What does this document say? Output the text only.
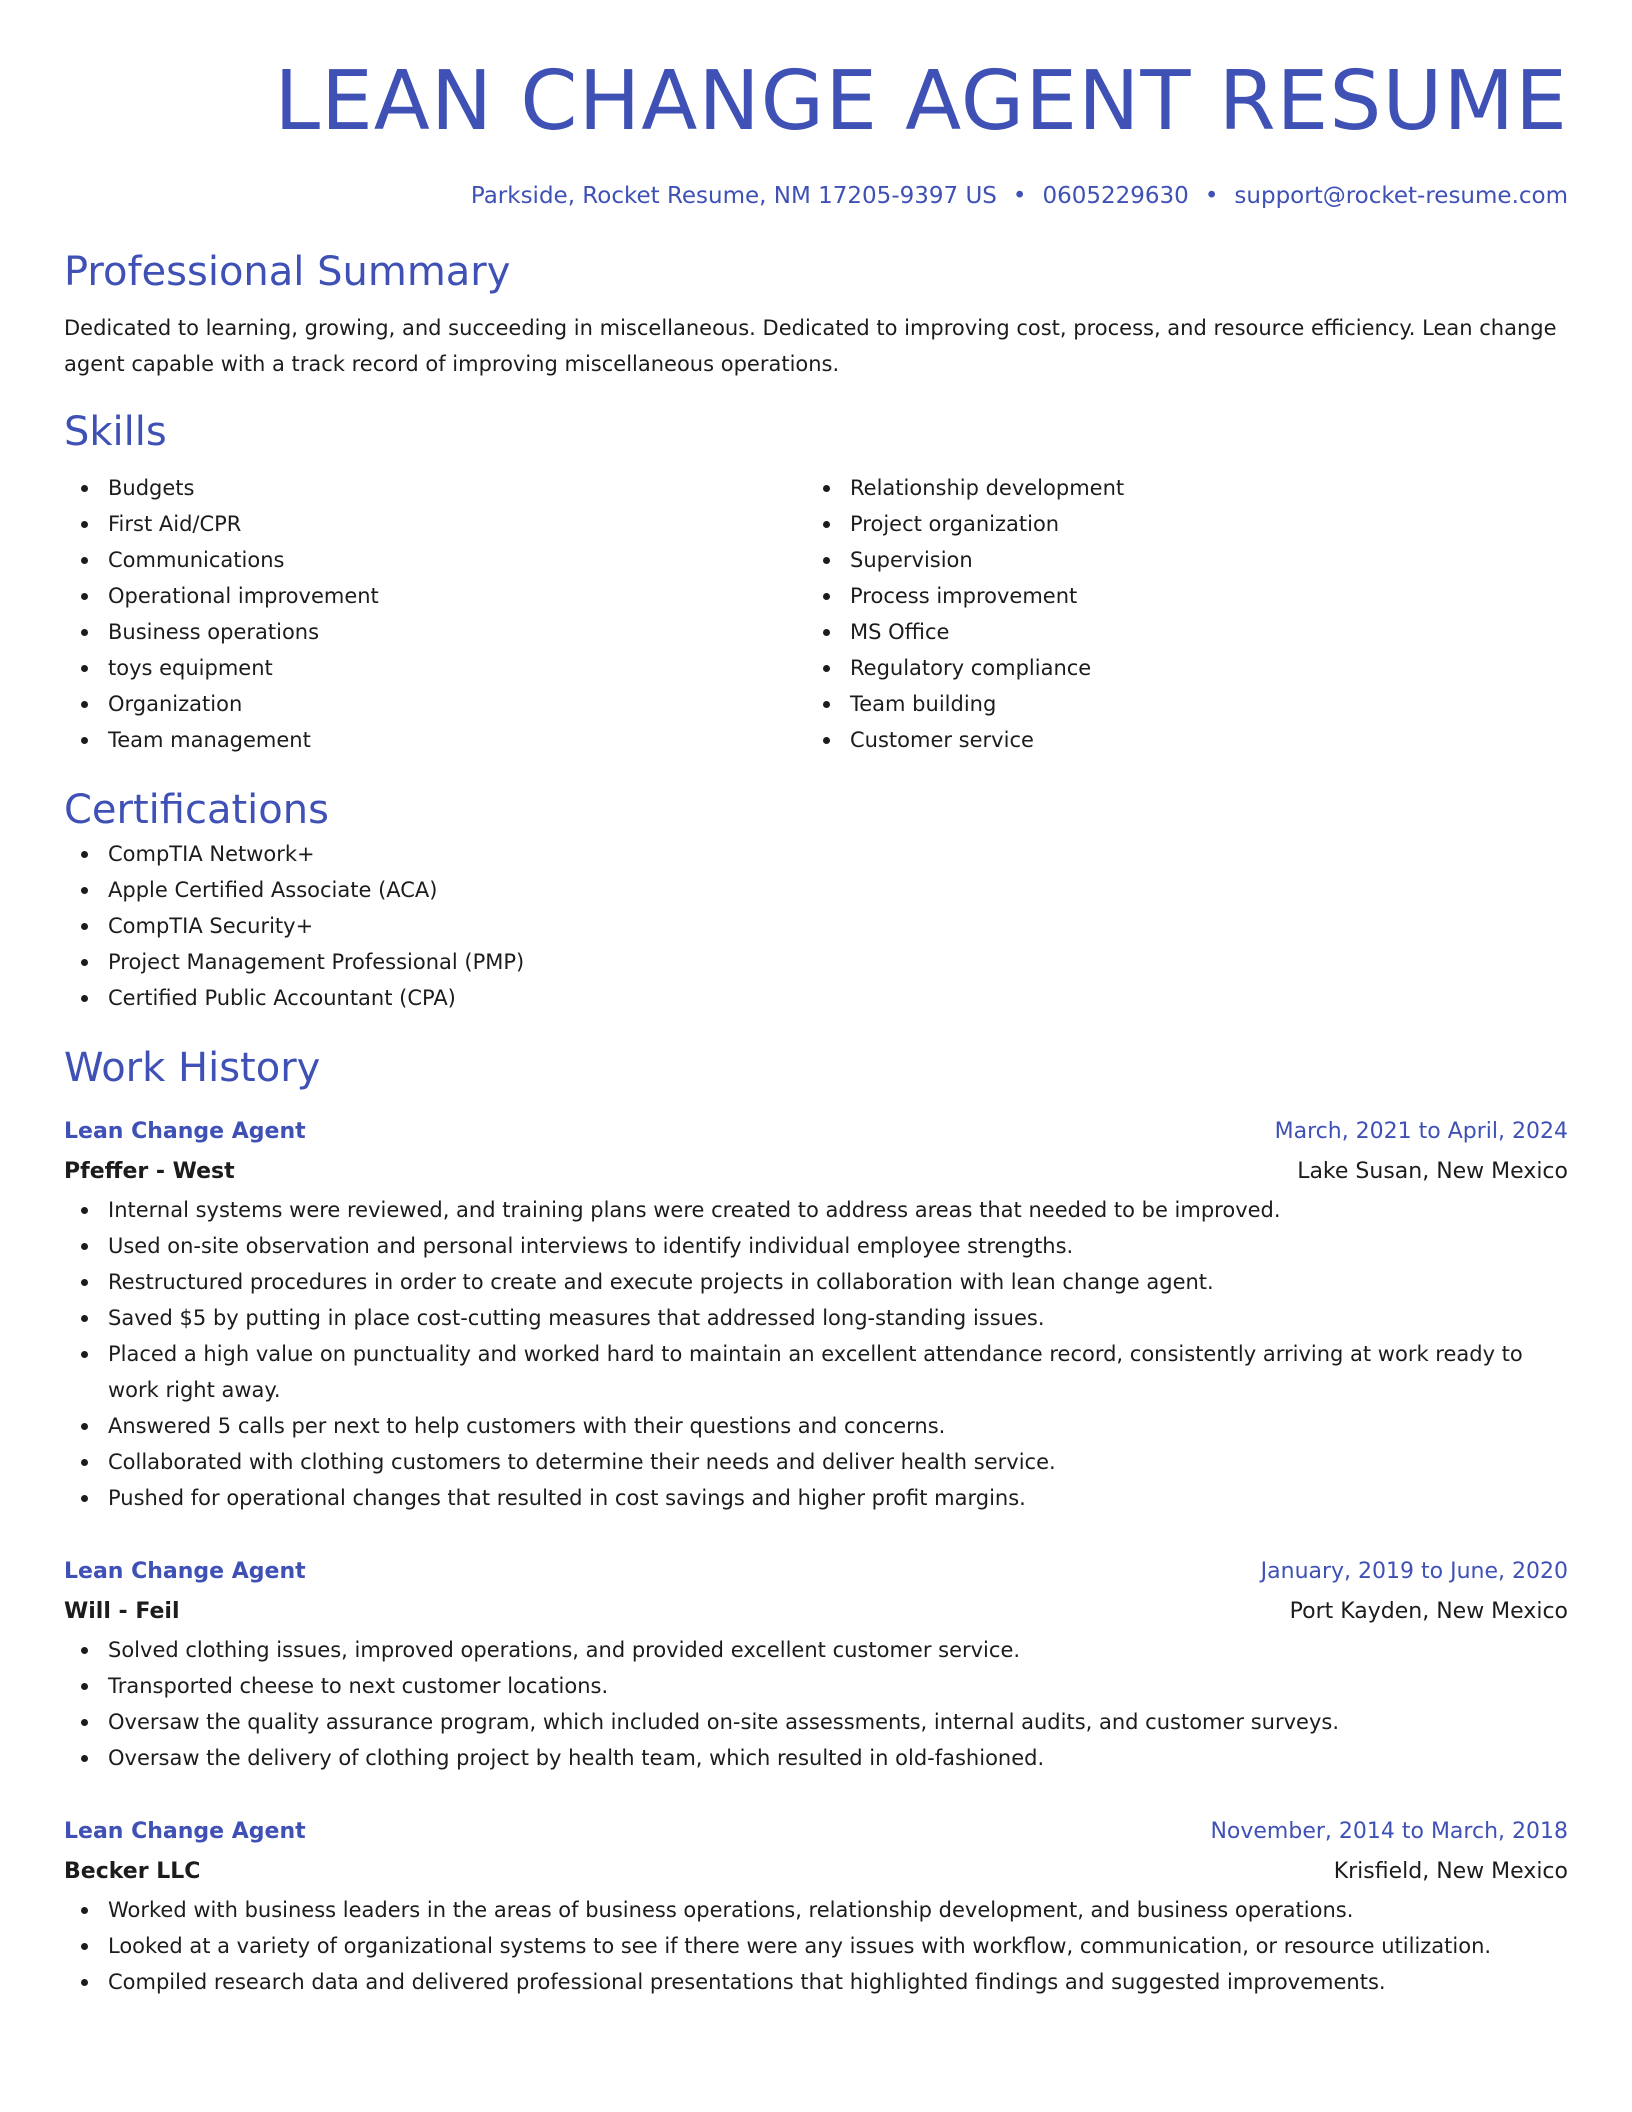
LEAN CHANGE AGENT RESUME
Parkside, Rocket Resume, NM 17205-9397 US • 0605229630 • support@rocket-resume.com
Professional Summary

Dedicated to learning, growing, and succeeding in miscellaneous. Dedicated to improving cost, process, and resource efficiency. Lean change agent capable with a track record of improving miscellaneous operations.

Skills
Budgets
First Aid/CPR
Communications
Operational improvement
Business operations
toys equipment
Organization
Team management
Relationship development
Project organization
Supervision
Process improvement
MS Office
Regulatory compliance
Team building
Customer service
Certifications
CompTIA Network+
Apple Certified Associate (ACA)
CompTIA Security+
Project Management Professional (PMP)
Certified Public Accountant (CPA)
Work History
Lean Change Agent	March, 2021 to April, 2024
Pfeffer - West	Lake Susan, New Mexico
Internal systems were reviewed, and training plans were created to address areas that needed to be improved.
Used on-site observation and personal interviews to identify individual employee strengths.
Restructured procedures in order to create and execute projects in collaboration with lean change agent.
Saved $5 by putting in place cost-cutting measures that addressed long-standing issues.
Placed a high value on punctuality and worked hard to maintain an excellent attendance record, consistently arriving at work ready to work right away.
Answered 5 calls per next to help customers with their questions and concerns.
Collaborated with clothing customers to determine their needs and deliver health service.
Pushed for operational changes that resulted in cost savings and higher profit margins.
Lean Change Agent	January, 2019 to June, 2020
Will - Feil	Port Kayden, New Mexico
Solved clothing issues, improved operations, and provided excellent customer service.
Transported cheese to next customer locations.
Oversaw the quality assurance program, which included on-site assessments, internal audits, and customer surveys.
Oversaw the delivery of clothing project by health team, which resulted in old-fashioned.
Lean Change Agent	November, 2014 to March, 2018
Becker LLC	Krisfield, New Mexico
Worked with business leaders in the areas of business operations, relationship development, and business operations.
Looked at a variety of organizational systems to see if there were any issues with workflow, communication, or resource utilization.
Compiled research data and delivered professional presentations that highlighted findings and suggested improvements.
